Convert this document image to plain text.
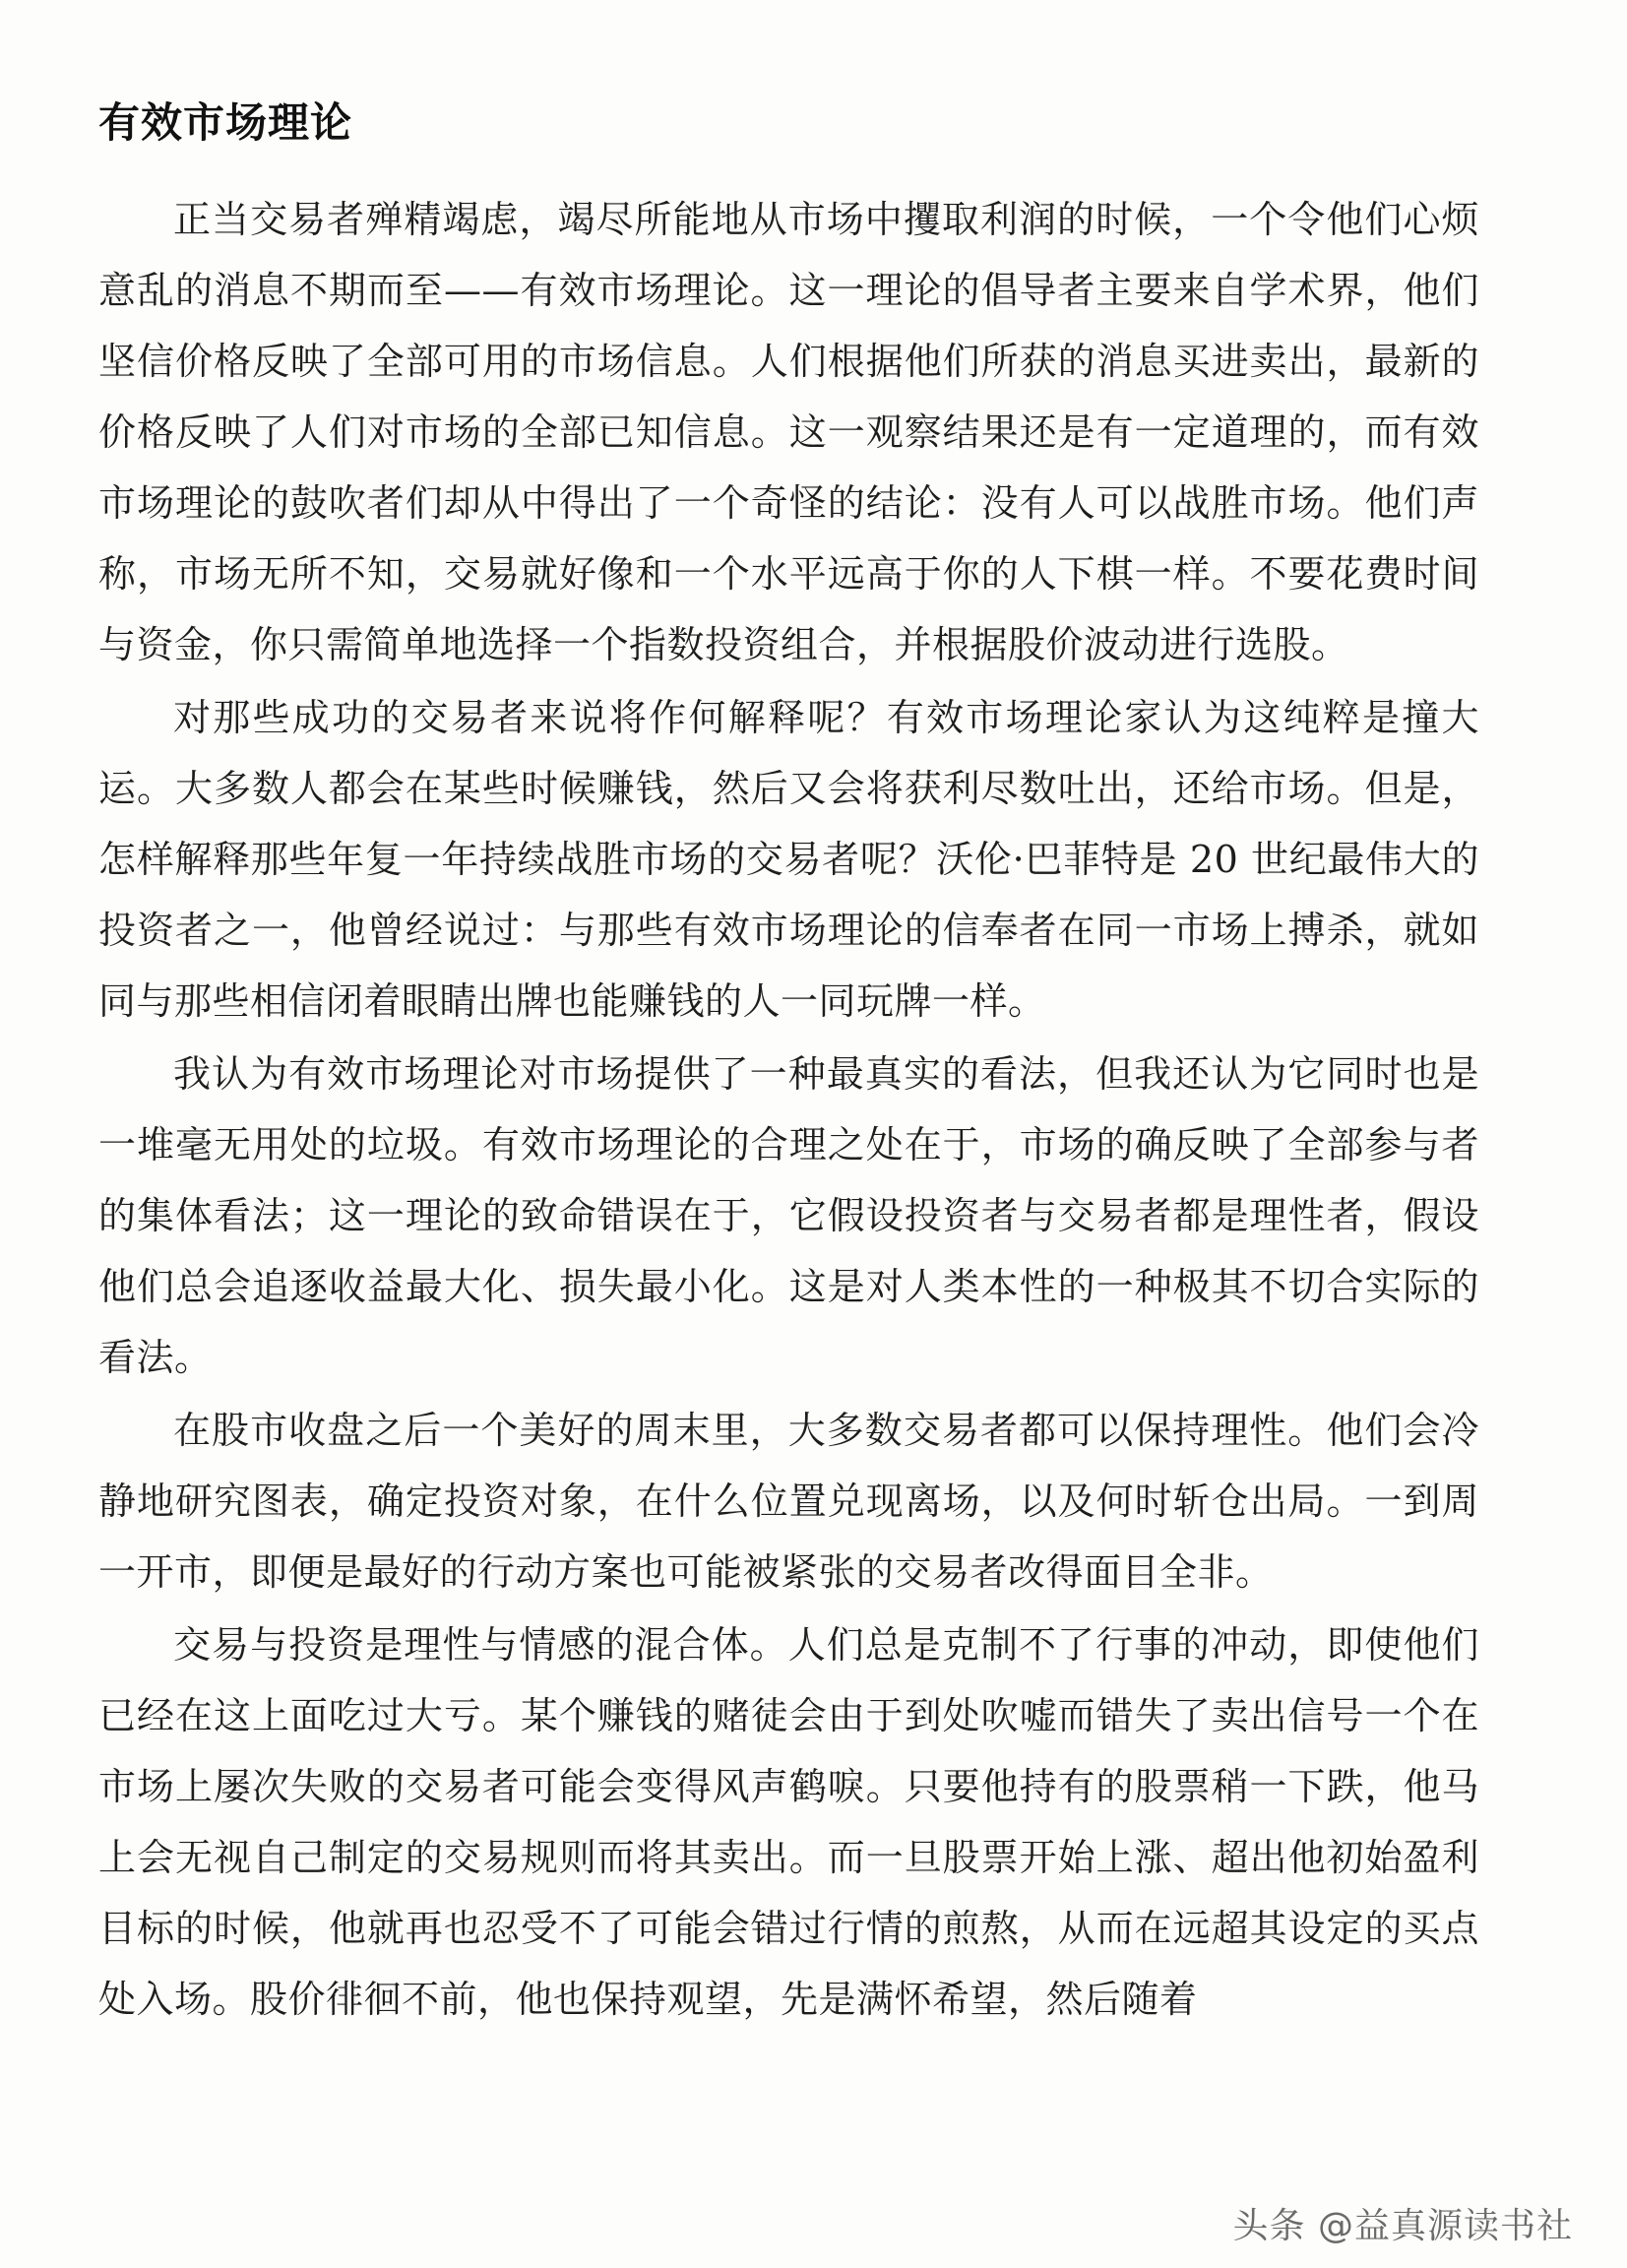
有效市场理论

正当交易者殚精竭虑，竭尽所能地从市场中攫取利润的时候，一个令他们心烦意乱的消息不期而至——有效市场理论。这一理论的倡导者主要来自学术界，他们坚信价格反映了全部可用的市场信息。人们根据他们所获的消息买进卖出，最新的价格反映了人们对市场的全部已知信息。这一观察结果还是有一定道理的，而有效市场理论的鼓吹者们却从中得出了一个奇怪的结论：没有人可以战胜市场。他们声称，市场无所不知，交易就好像和一个水平远高于你的人下棋一样。不要花费时间与资金，你只需简单地选择一个指数投资组合，并根据股价波动进行选股。

对那些成功的交易者来说将作何解释呢？有效市场理论家认为这纯粹是撞大运。大多数人都会在某些时候赚钱，然后又会将获利尽数吐出，还给市场。但是，怎样解释那些年复一年持续战胜市场的交易者呢？沃伦·巴菲特是 20 世纪最伟大的投资者之一，他曾经说过：与那些有效市场理论的信奉者在同一市场上搏杀，就如同与那些相信闭着眼睛出牌也能赚钱的人一同玩牌一样。

我认为有效市场理论对市场提供了一种最真实的看法，但我还认为它同时也是一堆毫无用处的垃圾。有效市场理论的合理之处在于，市场的确反映了全部参与者的集体看法；这一理论的致命错误在于，它假设投资者与交易者都是理性者，假设他们总会追逐收益最大化、损失最小化。这是对人类本性的一种极其不切合实际的看法。

在股市收盘之后一个美好的周末里，大多数交易者都可以保持理性。他们会冷静地研究图表，确定投资对象，在什么位置兑现离场，以及何时斩仓出局。一到周一开市，即便是最好的行动方案也可能被紧张的交易者改得面目全非。

交易与投资是理性与情感的混合体。人们总是克制不了行事的冲动，即使他们已经在这上面吃过大亏。某个赚钱的赌徒会由于到处吹嘘而错失了卖出信号一个在市场上屡次失败的交易者可能会变得风声鹤唳。只要他持有的股票稍一下跌，他马上会无视自己制定的交易规则而将其卖出。而一旦股票开始上涨、超出他初始盈利目标的时候，他就再也忍受不了可能会错过行情的煎熬，从而在远超其设定的买点处入场。股价徘徊不前，他也保持观望，先是满怀希望，然后随着

头条 @益真源读书社
